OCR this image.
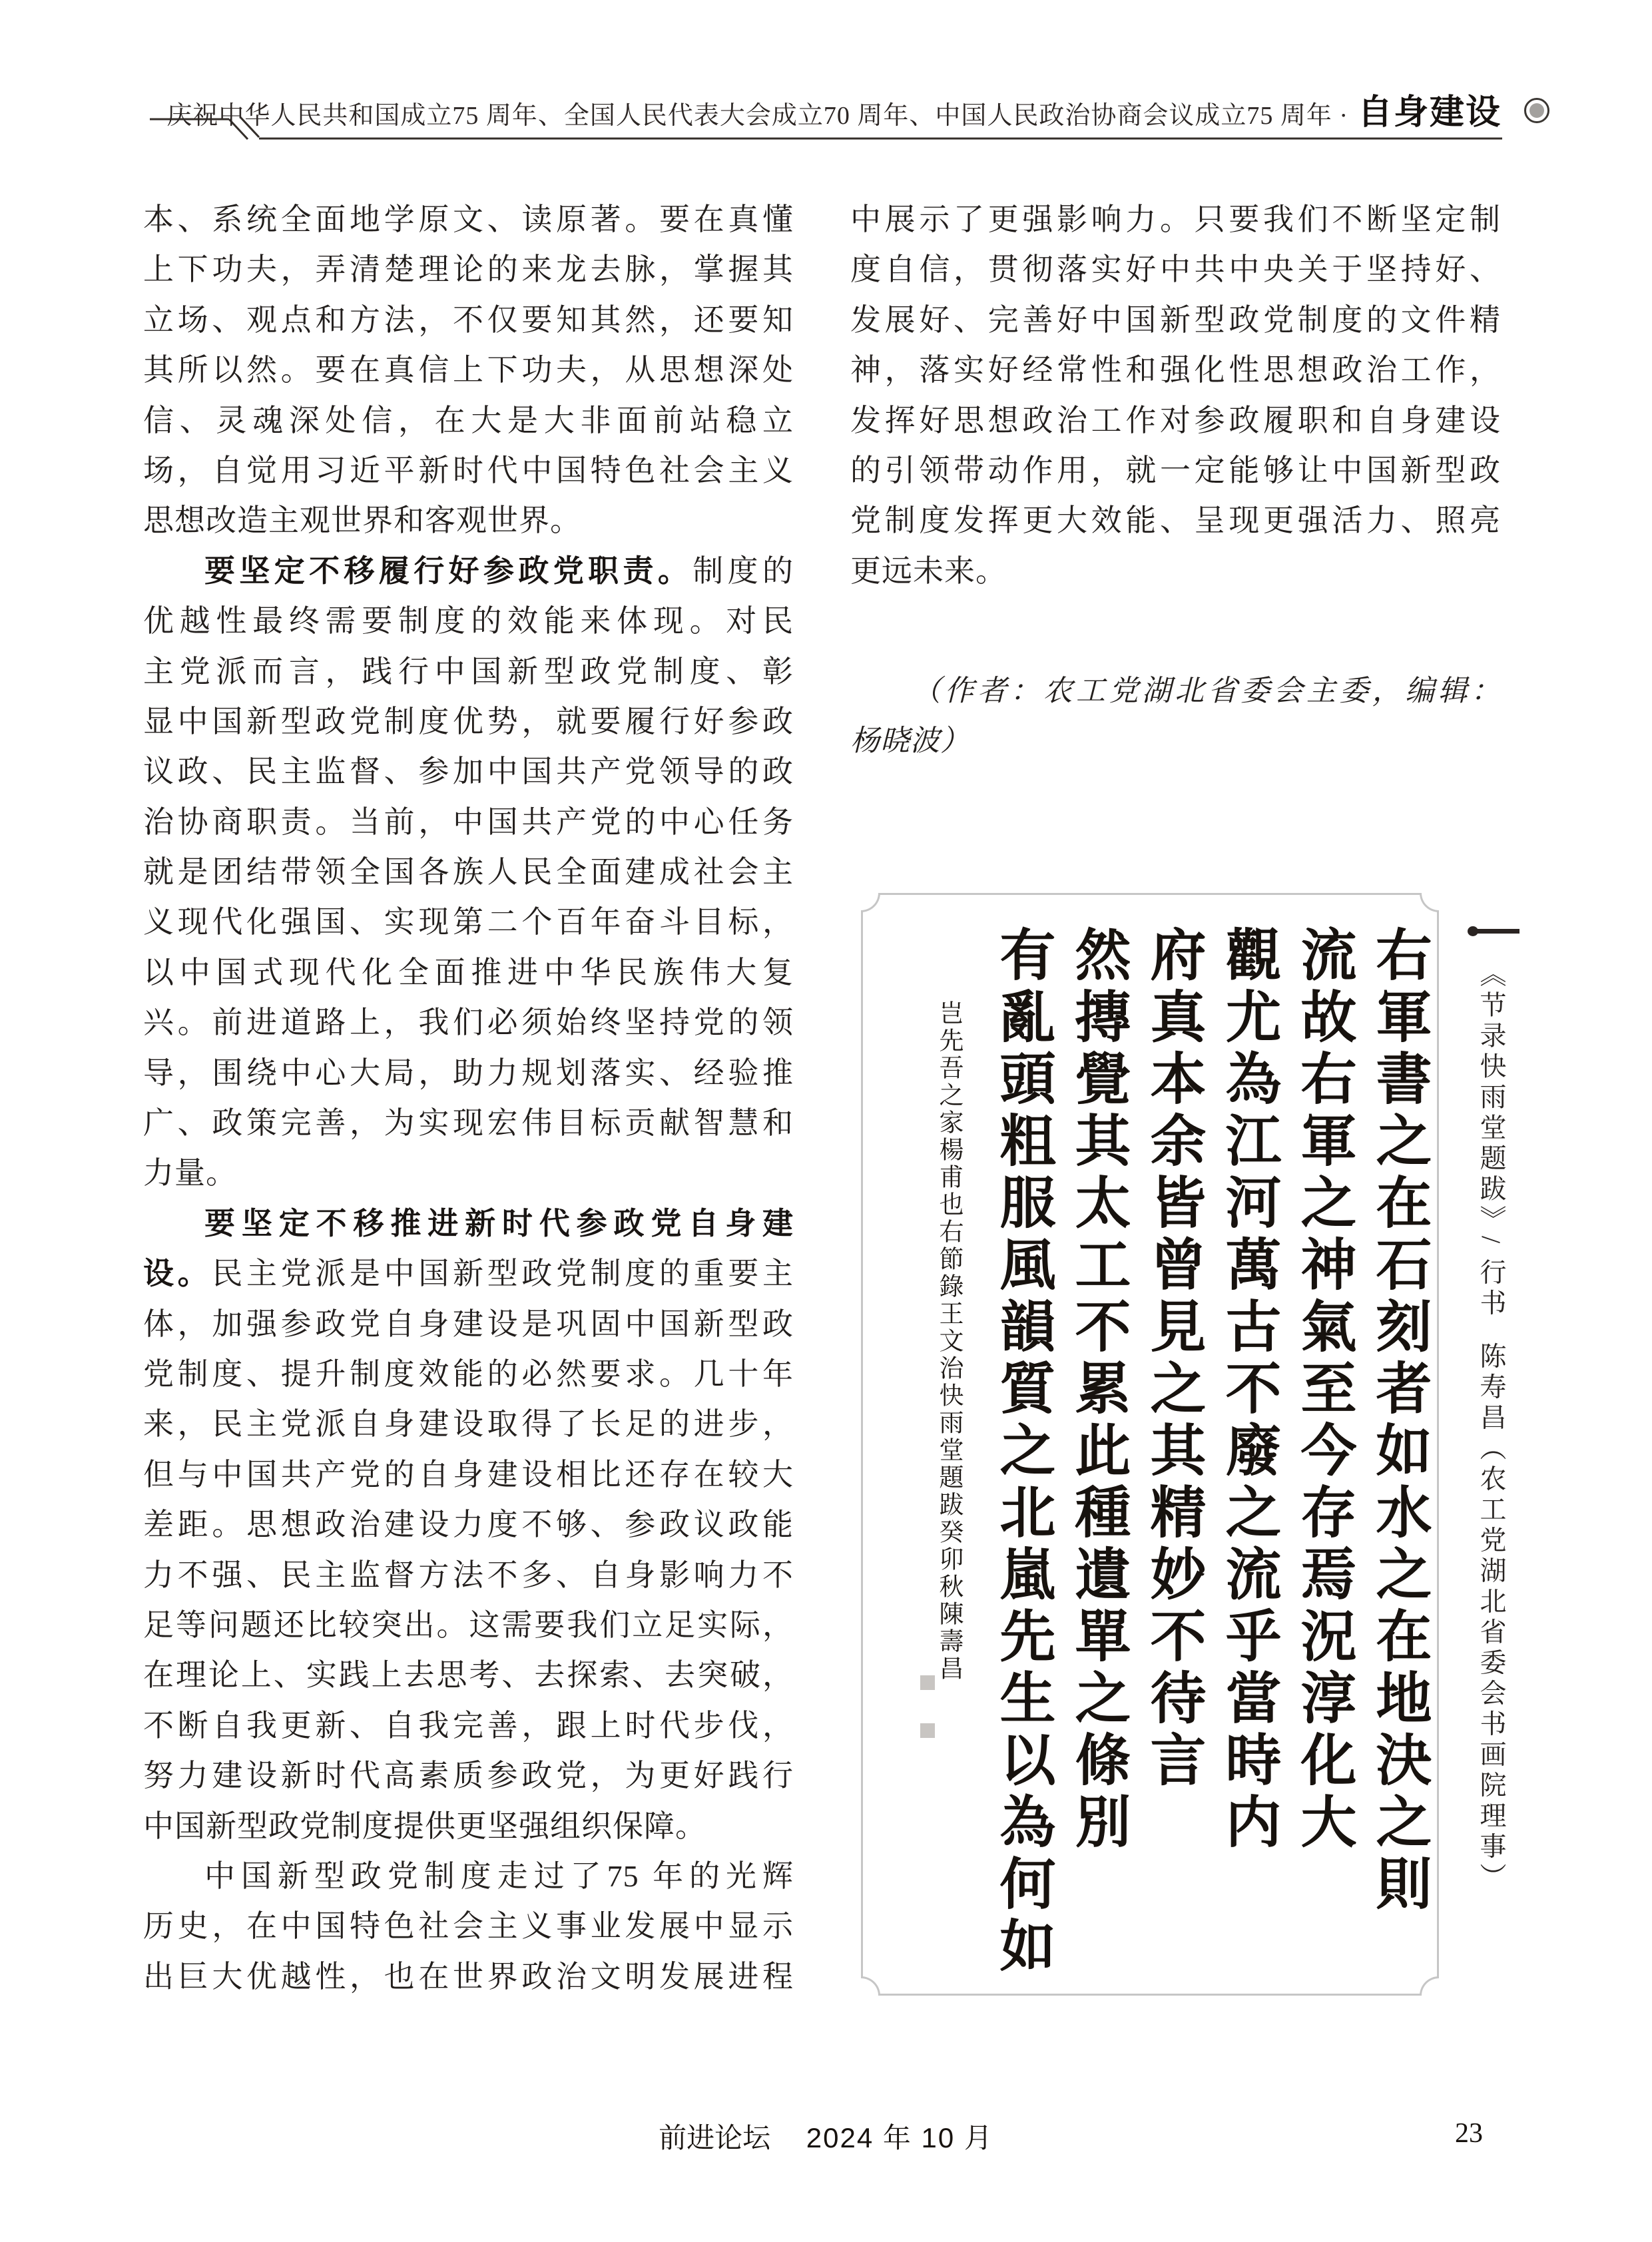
庆祝中华人民共和国成立75 周年、全国人民代表大会成立70 周年、中国人民政治协商会议成立75 周年 · 自身建设
本、系统全面地学原文、读原著。要在真懂
上下功夫，弄清楚理论的来龙去脉，掌握其
立场、观点和方法，不仅要知其然，还要知
其所以然。要在真信上下功夫，从思想深处
信、灵魂深处信，在大是大非面前站稳立
场，自觉用习近平新时代中国特色社会主义
思想改造主观世界和客观世界。
要坚定不移履行好参政党职责。制度的
优越性最终需要制度的效能来体现。对民
主党派而言，践行中国新型政党制度、彰
显中国新型政党制度优势，就要履行好参政
议政、民主监督、参加中国共产党领导的政
治协商职责。当前，中国共产党的中心任务
就是团结带领全国各族人民全面建成社会主
义现代化强国、实现第二个百年奋斗目标，
以中国式现代化全面推进中华民族伟大复
兴。前进道路上，我们必须始终坚持党的领
导，围绕中心大局，助力规划落实、经验推
广、政策完善，为实现宏伟目标贡献智慧和
力量。
要坚定不移推进新时代参政党自身建
设。民主党派是中国新型政党制度的重要主
体，加强参政党自身建设是巩固中国新型政
党制度、提升制度效能的必然要求。几十年
来，民主党派自身建设取得了长足的进步，
但与中国共产党的自身建设相比还存在较大
差距。思想政治建设力度不够、参政议政能
力不强、民主监督方法不多、自身影响力不
足等问题还比较突出。这需要我们立足实际，
在理论上、实践上去思考、去探索、去突破，
不断自我更新、自我完善，跟上时代步伐，
努力建设新时代高素质参政党，为更好践行
中国新型政党制度提供更坚强组织保障。
中国新型政党制度走过了75 年的光辉
历史，在中国特色社会主义事业发展中显示
出巨大优越性，也在世界政治文明发展进程
中展示了更强影响力。只要我们不断坚定制
度自信，贯彻落实好中共中央关于坚持好、
发展好、完善好中国新型政党制度的文件精
神，落实好经常性和强化性思想政治工作，
发挥好思想政治工作对参政履职和自身建设
的引领带动作用，就一定能够让中国新型政
党制度发挥更大效能、呈现更强活力、照亮
更远未来。
（作者：农工党湖北省委会主委，编辑：
杨晓波）
右軍書之在石刻者如水之在地決之則
流故右軍之神氣至今存焉況淳化大
觀尤為江河萬古不廢之流乎當時内
府真本余皆曾見之其精妙不待言
然摶覺其太工不累此種遺單之條別
有亂頭粗服風韻質之北嵐先生以為何如
岂先吾之家楊甫也右節錄王文治快雨堂題跋癸卯秋陳壽昌	《节录快雨堂题跋》/ 行书陈寿昌（农工党湖北省委会书画院理事）
前进论坛 2024 年 10 月	23
